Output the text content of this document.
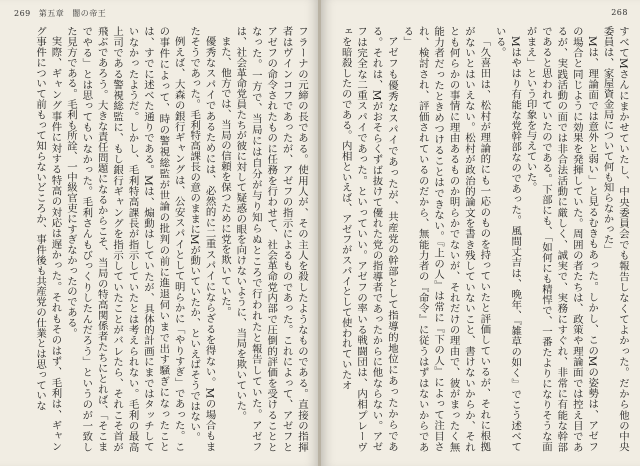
269 第五章 闇の帝王

フラーナの元締の長である。使用人が、その主人を殺したようなものである。直接の指揮者はヴインコフであったが、アゼフの指示によるものであった。これによって、アゼフとアゼフの命令されたものに任務を行わせて、社会革命党内部で圧倒的評価を受けることとなった。一方で、当局には自分が与り知らぬところで行われたと報告していた。アゼフは、社会革命党員たちが彼に対して疑惑の眼を向けないように、当局を欺いていた。

また、他方では、当局の信頼を保つために党を欺いていた。

優秀なスパイであるためには、必然的に二重スパイにならざるを得ない。Mの場合もまたそうであった。毛利特高課長の意のままにMが動いていたか、といえばそうではない。

例えば、大森の銀行ギャングは、公安スパイとして明らかに「やりすぎ」であった。この事件によって、時の警視総監が世論の批判の前に進退伺いまで出す騒ぎになったことは、すでに述べた通りである。Mは、煽動はしていたが、具体的計画にまではタッチしていなかったようだ。しかし、毛利特高課長が指示していたとは考えられない。毛利の最高上司である警視総監に、もし銀行ギャングを指示していたことがバレたら、それこそ首が飛ぶであろう。大きな責任問題になるからこそ、当局の特高関係者たちにとれば、「そこまでやる」とは思ってもいなかった。毛利さんもびっくりしたんだろう」というのが一致した見方である。毛利も所詮、一中級官吏にすぎなかったのである。

実際、ギャング事件に対する特高の対応は遅かった。それもそのはず、毛利は、ギャング事件について前もって知らないどころか、事件後も共産党の仕業とは思っていな

268

すべてMさんにまかせていたし、中央委員会でも報告しなくてよかった。だから他の中央委員は、家屋資金局について何も知らなかった」

Mは、理論面では意外と弱い」と見るむきもあった。しかし、このMの姿勢は、アゼフの場合と同じように効果を発揮していた。周囲の者たちは、政策や理論面では控え目であるが、実践活動の面では非合法活動に厳しく、誠実で、実務にすぐれ、非常に有能な幹部であると思われていたのである。下部にも、「如何にも精悍で、一番たよりになりそうな面がまえ」という印象を与えていた。

Mはやはり有能な党幹部なのであった。風間丈吉は、晩年、『雑草の如く』でこう述べている。

「久喜田は、松村が理論的にも一応のものを持っていたと評価しているが、それに根拠がないとはいえない。松村が政治的論文を書き残していないこと、書けないからか、それとも何らかの事情に理由あるものか明らかでないが、それだけの理由で、彼がまったく無能力者だったときめつけることはできない。『上の人』は常に『下の人』によって注目され、検討され、評価されているのだから、無能力者の『命令』に従うはずはないからである」

アゼフも優秀なスパイであったが、共産党の幹部として指導的地位にあったからである。それは、Mがおそらくずば抜けて優れた党の指導者であったからに他ならない。アゼフは完全な二重スパイであった。といっていい。アゼフの率いる戦闘団は、内相プレーヴェを暗殺したのである。内相といえば、アゼフがスパイとして使われていたオ
